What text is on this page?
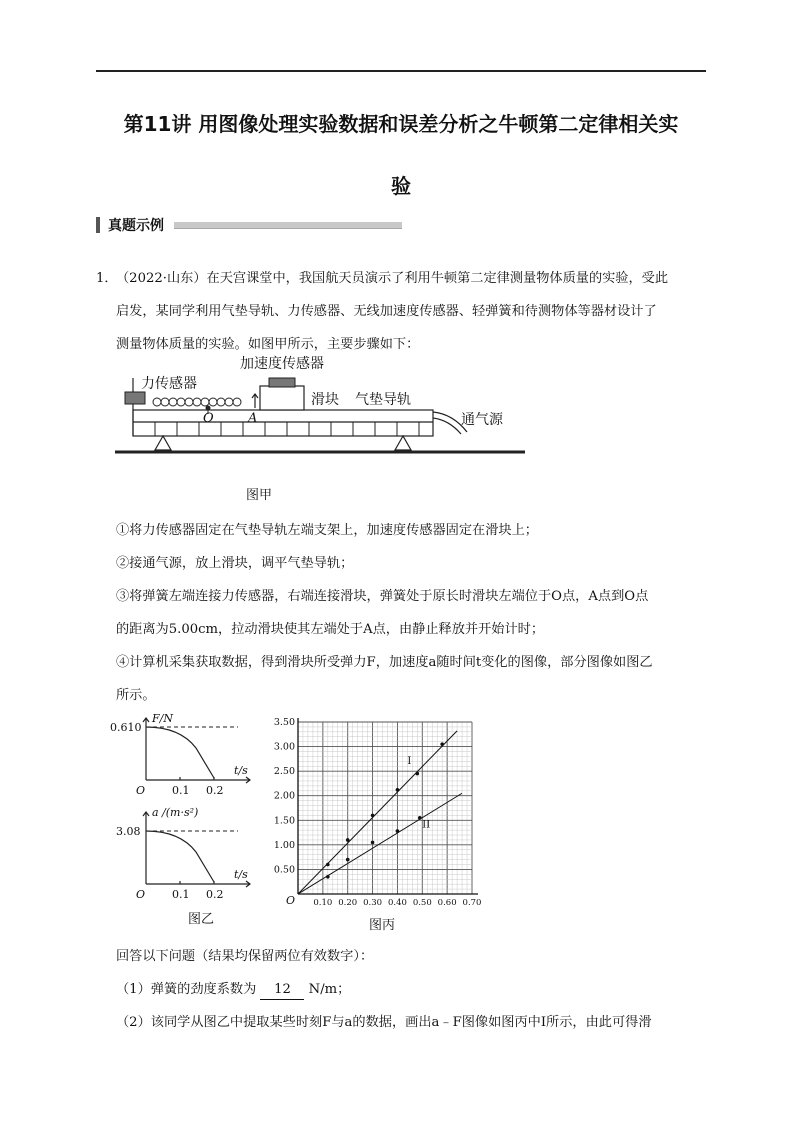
第11讲 用图像处理实验数据和误差分析之牛顿第二定律相关实
验
真题示例
1．（2022·山东）在天宫课堂中，我国航天员演示了利用牛顿第二定律测量物体质量的实验，受此
启发，某同学利用气垫导轨、力传感器、无线加速度传感器、轻弹簧和待测物体等器材设计了
测量物体质量的实验。如图甲所示，主要步骤如下：
加速度传感器
力传感器
滑块 气垫导轨
通气源
O	A
图甲
①将力传感器固定在气垫导轨左端支架上，加速度传感器固定在滑块上；
②接通气源，放上滑块，调平气垫导轨；
③将弹簧左端连接力传感器，右端连接滑块，弹簧处于原长时滑块左端位于O点，A点到O点
的距离为5.00cm，拉动滑块使其左端处于A点，由静止释放并开始计时；
④计算机采集获取数据，得到滑块所受弹力F，加速度a随时间t变化的图像，部分图像如图乙
所示。
F/N
0.610
t/s
O 0.1 0.2
a /(m·s²)
3.08
t/s
O 0.1 0.2
图乙
0.50
1.00
1.50
2.00
2.50
3.00
3.50
0.10 0.20 0.30 0.40 0.50 0.60 0.70
I
II
O
图丙
回答以下问题（结果均保留两位有效数字）：
（1）弹簧的劲度系数为 12 N/m；
（2）该同学从图乙中提取某些时刻F与a的数据，画出a﹣F图像如图丙中Ⅰ所示，由此可得滑
